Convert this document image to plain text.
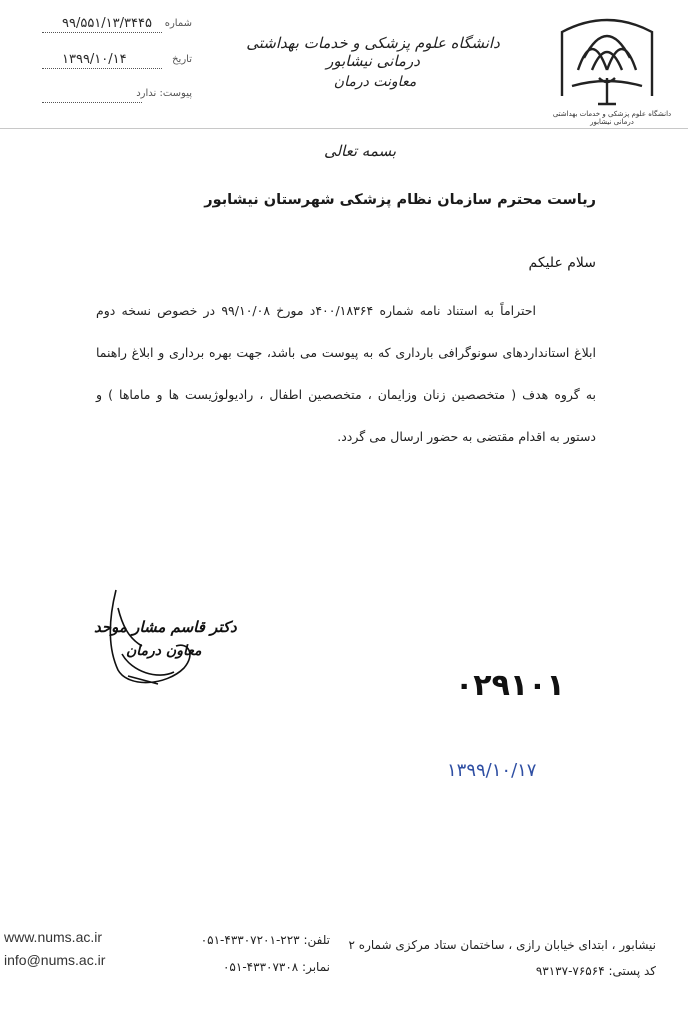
۹۹/۵۵۱/۱۳/۳۴۴۵ شماره
۱۳۹۹/۱۰/۱۴	تاریخ
پیوست: ندارد
دانشگاه علوم پزشکی و خدمات بهداشتی درمانی نیشابور
معاونت درمان
دانشگاه علوم پزشکی و خدمات بهداشتی درمانی نیشابور
بسمه تعالی
ریاست محترم سازمان نظام پزشکی شهرستان نیشابور
سلام علیکم
احتراماً به استناد نامه شماره ۴۰۰/۱۸۳۶۴د مورخ ۹۹/۱۰/۰۸ در خصوص نسخه دوم ابلاغ استانداردهای سونوگرافی بارداری که به پیوست می باشد، جهت بهره برداری و ابلاغ راهنما به گروه هدف ( متخصصین زنان وزایمان ، متخصصین اطفال ، رادیولوژیست ها و ماماها ) و دستور به اقدام مقتضی به حضور ارسال می گردد.
دکتر قاسم مشار موحد
معاون درمان
۰۲۹۱۰۱
۱۳۹۹/۱۰/۱۷
www.nums.ac.ir
info@nums.ac.ir
تلفن: ۲۲۳-۴۳۳۰۷۲۰۱-۰۵۱
نمابر: ۴۳۳۰۷۳۰۸-۰۵۱
نیشابور ، ابتدای خیابان رازی ، ساختمان ستاد مرکزی شماره ۲
کد پستی: ۷۶۵۶۴-۹۳۱۳۷
